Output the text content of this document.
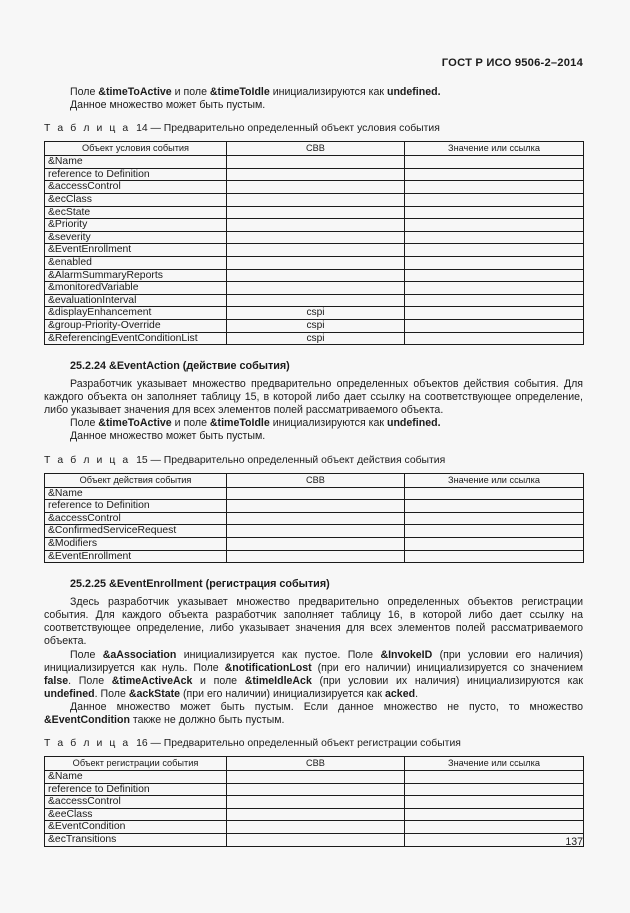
ГОСТ Р ИСО 9506-2–2014

Поле &timeToActive и поле &timeToIdle инициализируются как undefined.

Данное множество может быть пустым.

Т а б л и ц а 14 — Предварительно определенный объект условия события

Объект условия события	CBB	Значение или ссылка
&Name		
reference to Definition		
&accessControl		
&ecClass		
&ecState		
&Priority		
&severity		
&EventEnrollment		
&enabled		
&AlarmSummaryReports		
&monitoredVariable		
&evaluationInterval		
&displayEnhancement	cspi	
&group-Priority-Override	cspi	
&ReferencingEventConditionList	cspi	

25.2.24 &EventAction (действие события)

Разработчик указывает множество предварительно определенных объектов действия события. Для каждого объекта он заполняет таблицу 15, в которой либо дает ссылку на соответствующее определение, либо указывает значения для всех элементов полей рассматриваемого объекта.

Поле &timeToActive и поле &timeToIdle инициализируются как undefined.

Данное множество может быть пустым.

Т а б л и ц а 15 — Предварительно определенный объект действия события

Объект действия события	CBB	Значение или ссылка
&Name		
reference to Definition		
&accessControl		
&ConfirmedServiceRequest		
&Modifiers		
&EventEnrollment		

25.2.25 &EventEnrollment (регистрация события)

Здесь разработчик указывает множество предварительно определенных объектов регистрации события. Для каждого объекта разработчик заполняет таблицу 16, в которой либо дает ссылку на соответствующее определение, либо указывает значения для всех элементов полей рассматриваемого объекта.

Поле &aAssociation инициализируется как пустое. Поле &InvokeID (при условии его наличия) инициализируется как нуль. Поле &notificationLost (при его наличии) инициализируется со значением false. Поле &timeActiveAck и поле &timeIdleAck (при условии их наличия) инициализируются как undefined. Поле &ackState (при его наличии) инициализируется как acked.

Данное множество может быть пустым. Если данное множество не пусто, то множество &EventCondition также не должно быть пустым.

Т а б л и ц а 16 — Предварительно определенный объект регистрации события

Объект регистрации события	CBB	Значение или ссылка
&Name		
reference to Definition		
&accessControl		
&eeClass		
&EventCondition		
&ecTransitions			137
